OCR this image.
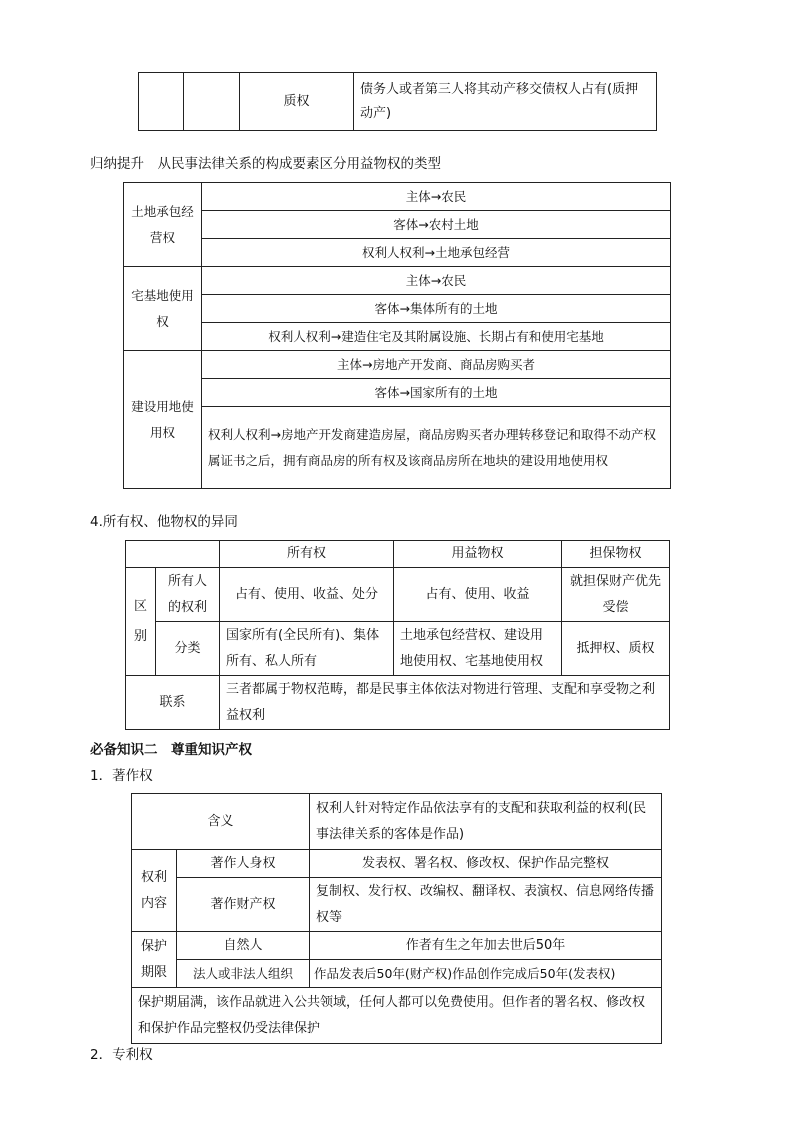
		质权	债务人或者第三人将其动产移交债权人占有(质押动产)
归纳提升　从民事法律关系的构成要素区分用益物权的类型
土地承包经营权	主体→农民
	客体→农村土地
	权利人权利→土地承包经营
宅基地使用权	主体→农民
	客体→集体所有的土地
	权利人权利→建造住宅及其附属设施、长期占有和使用宅基地
建设用地使用权	主体→房地产开发商、商品房购买者
	客体→国家所有的土地
	权利人权利→房地产开发商建造房屋，商品房购买者办理转移登记和取得不动产权属证书之后，拥有商品房的所有权及该商品房所在地块的建设用地使用权
4.所有权、他物权的异同
		所有权	用益物权	担保物权
区别	所有人的权利	占有、使用、收益、处分	占有、使用、收益	就担保财产优先受偿
	分类	国家所有(全民所有)、集体所有、私人所有	土地承包经营权、建设用地使用权、宅基地使用权	抵押权、质权
联系		三者都属于物权范畴，都是民事主体依法对物进行管理、支配和享受物之利益权利		
必备知识二　尊重知识产权
1．著作权
含义		权利人针对特定作品依法享有的支配和获取利益的权利(民事法律关系的客体是作品)
权利内容	著作人身权	发表权、署名权、修改权、保护作品完整权
	著作财产权	复制权、发行权、改编权、翻译权、表演权、信息网络传播权等
保护期限	自然人	作者有生之年加去世后50年
	法人或非法人组织	作品发表后50年(财产权)作品创作完成后50年(发表权)
保护期届满，该作品就进入公共领域，任何人都可以免费使用。但作者的署名权、修改权和保护作品完整权仍受法律保护		
2．专利权
